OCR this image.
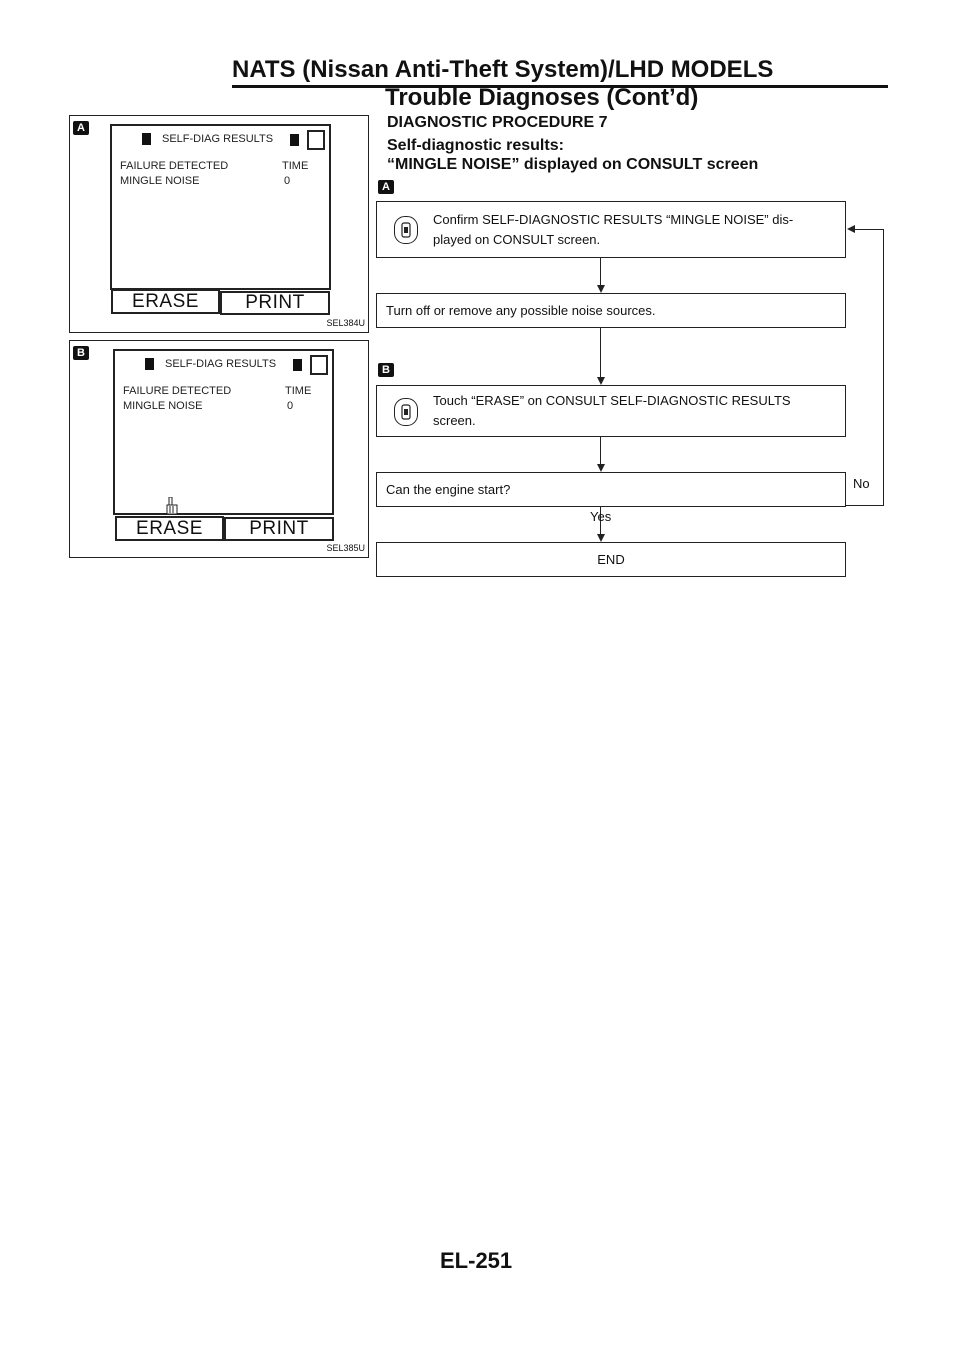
NATS (Nissan Anti-Theft System)/LHD MODELS
Trouble Diagnoses (Cont’d)
A
SELF-DIAG RESULTS
FAILURE DETECTED	TIME
MINGLE NOISE	0
ERASE	PRINT
SEL384U
B
SELF-DIAG RESULTS
FAILURE DETECTED	TIME
MINGLE NOISE	0
ERASE	PRINT
SEL385U
DIAGNOSTIC PROCEDURE 7
Self-diagnostic results:
“MINGLE NOISE” displayed on CONSULT screen
A
Confirm SELF-DIAGNOSTIC RESULTS “MINGLE NOISE” dis-
played on CONSULT screen.
Turn off or remove any possible noise sources.
B
Touch “ERASE” on CONSULT SELF-DIAGNOSTIC RESULTS
screen.
Can the engine start?	No
Yes
END
EL-251
